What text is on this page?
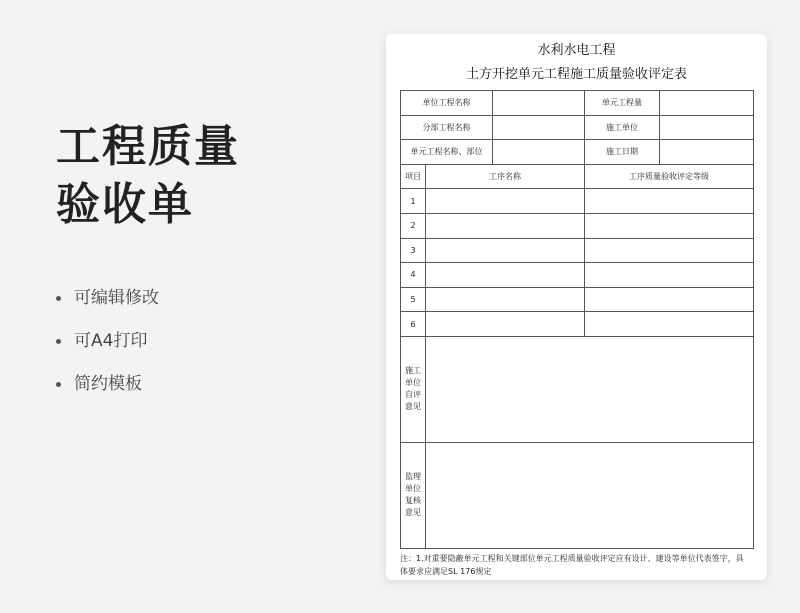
工程质量
验收单
可编辑修改
可A4打印
简约模板
水利水电工程
土方开挖单元工程施工质量验收评定表
单位工程名称			单元工程量	
分部工程名称			施工单位	
单元工程名称、部位			施工日期	
项目	工序名称		工序质量验收评定等级	
1				
2				
3				
4				
5				
6				

施工
单位
自评
意见				

监理
单位
复核
意见				

注：1.对重要隐蔽单元工程和关键部位单元工程质量验收评定应有设计、建设等单位代表签字，具体要求应满足SL 176规定
